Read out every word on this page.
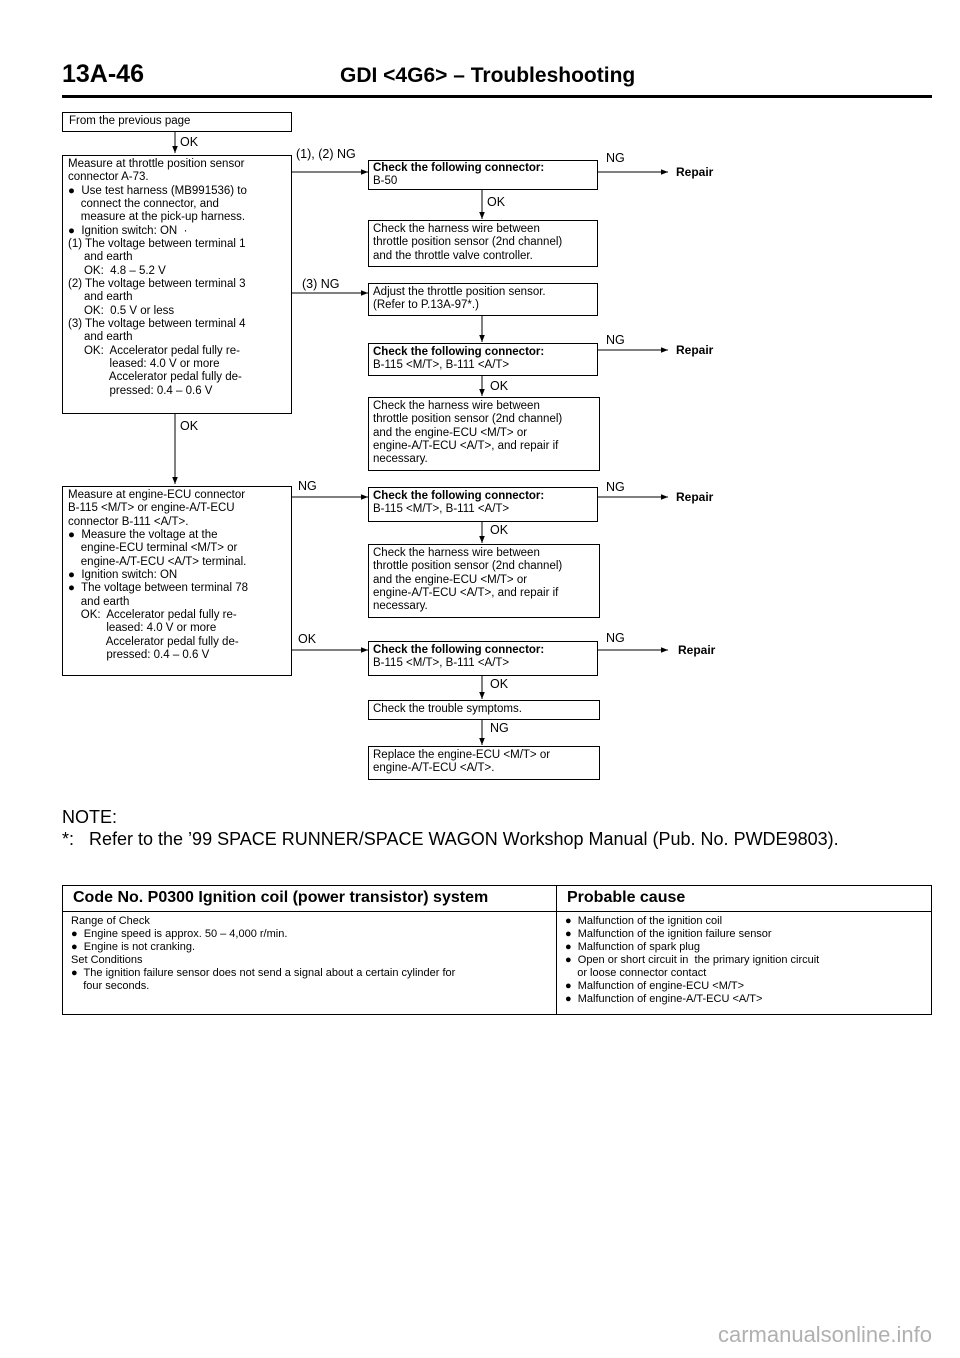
13A-46	GDI <4G6> – Troubleshooting
From the previous page
OK
Measure at throttle position sensor
connector A-73.
●  Use test harness (MB991536) to
connect the connector, and
measure at the pick-up harness.
●  Ignition switch: ON  ·
(1) The voltage between terminal 1
and earth
OK:  4.8 – 5.2 V
(2) The voltage between terminal 3
and earth
OK:  0.5 V or less
(3) The voltage between terminal 4
and earth
OK:  Accelerator pedal fully re-
leased: 4.0 V or more
Accelerator pedal fully de-
pressed: 0.4 – 0.6 V
(1), (2) NG
(3) NG
OK
Check the following connector:
B-50
NG
Repair
OK
Check the harness wire between
throttle position sensor (2nd channel)
and the throttle valve controller.
Adjust the throttle position sensor.
(Refer to P.13A-97*.)
Check the following connector:
B-115 <M/T>, B-111 <A/T>
NG
Repair
OK
Check the harness wire between
throttle position sensor (2nd channel)
and the engine-ECU <M/T> or
engine-A/T-ECU <A/T>, and repair if
necessary.
Measure at engine-ECU connector
B-115 <M/T> or engine-A/T-ECU
connector B-111 <A/T>.
●  Measure the voltage at the
engine-ECU terminal <M/T> or
engine-A/T-ECU <A/T> terminal.
●  Ignition switch: ON
●  The voltage between terminal 78
and earth
OK:  Accelerator pedal fully re-
leased: 4.0 V or more
Accelerator pedal fully de-
pressed: 0.4 – 0.6 V
NG
OK
Check the following connector:
B-115 <M/T>, B-111 <A/T>
NG
Repair
OK
Check the harness wire between
throttle position sensor (2nd channel)
and the engine-ECU <M/T> or
engine-A/T-ECU <A/T>, and repair if
necessary.
Check the following connector:
B-115 <M/T>, B-111 <A/T>
NG
Repair
OK
Check the trouble symptoms.
NG
Replace the engine-ECU <M/T> or
engine-A/T-ECU <A/T>.
NOTE:
*:   Refer to the ’99 SPACE RUNNER/SPACE WAGON Workshop Manual (Pub. No. PWDE9803).
Code No. P0300 Ignition coil (power transistor) system	Probable cause
Range of Check
●  Engine speed is approx. 50 – 4,000 r/min.
●  Engine is not cranking.
Set Conditions
●  The ignition failure sensor does not send a signal about a certain cylinder for
four seconds.
●  Malfunction of the ignition coil
●  Malfunction of the ignition failure sensor
●  Malfunction of spark plug
●  Open or short circuit in  the primary ignition circuit
or loose connector contact
●  Malfunction of engine-ECU <M/T>
●  Malfunction of engine-A/T-ECU <A/T>
carmanualsonline.info
